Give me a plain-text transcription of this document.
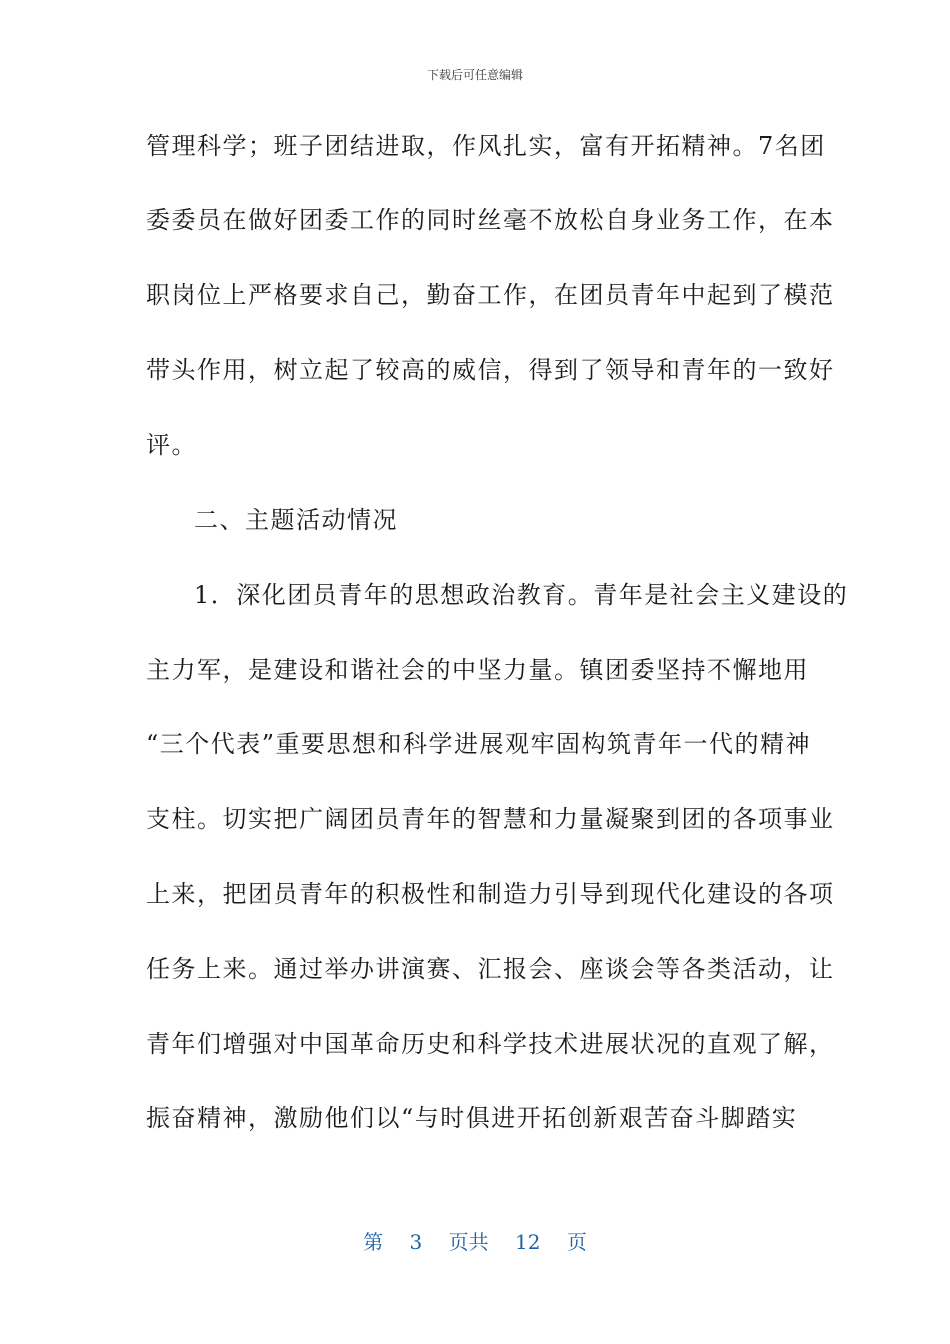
下载后可任意编辑
管理科学；班子团结进取，作风扎实，富有开拓精神。7名团
委委员在做好团委工作的同时丝毫不放松自身业务工作，在本
职岗位上严格要求自己，勤奋工作，在团员青年中起到了模范
带头作用，树立起了较高的威信，得到了领导和青年的一致好
评。
二、主题活动情况
1．深化团员青年的思想政治教育。青年是社会主义建设的
主力军，是建设和谐社会的中坚力量。镇团委坚持不懈地用
“三个代表”重要思想和科学进展观牢固构筑青年一代的精神
支柱。切实把广阔团员青年的智慧和力量凝聚到团的各项事业
上来，把团员青年的积极性和制造力引导到现代化建设的各项
任务上来。通过举办讲演赛、汇报会、座谈会等各类活动，让
青年们增强对中国革命历史和科学技术进展状况的直观了解，
振奋精神，激励他们以“与时俱进开拓创新艰苦奋斗脚踏实
第 3 页共 12 页
